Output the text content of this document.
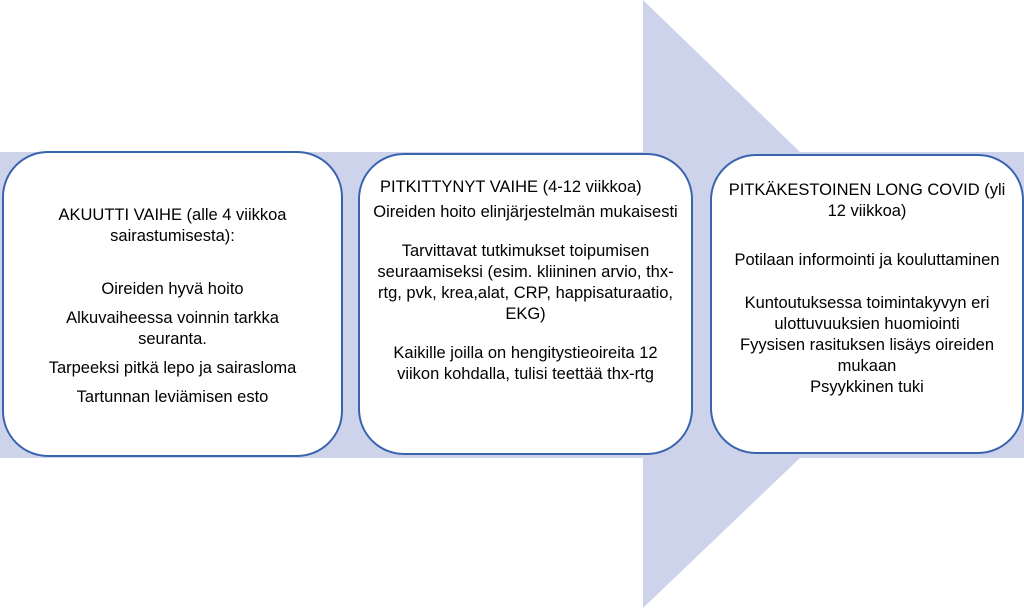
AKUUTTI VAIHE (alle 4 viikkoa sairastumisesta):

Oireiden hyvä hoito

Alkuvaiheessa voinnin tarkka seuranta.

Tarpeeksi pitkä lepo ja sairasloma

Tartunnan leviämisen esto

PITKITTYNYT VAIHE (4-12 viikkoa)

Oireiden hoito elinjärjestelmän mukaisesti

Tarvittavat tutkimukset toipumisen seuraamiseksi (esim. kliininen arvio, thx-rtg, pvk, krea,alat, CRP, happisaturaatio, EKG)

Kaikille joilla on hengitystieoireita 12 viikon kohdalla, tulisi teettää thx-rtg

PITKÄKESTOINEN LONG COVID (yli 12 viikkoa)

Potilaan informointi ja kouluttaminen

Kuntoutuksessa toimintakyvyn eri ulottuvuuksien huomiointi

Fyysisen rasituksen lisäys oireiden mukaan

Psyykkinen tuki
